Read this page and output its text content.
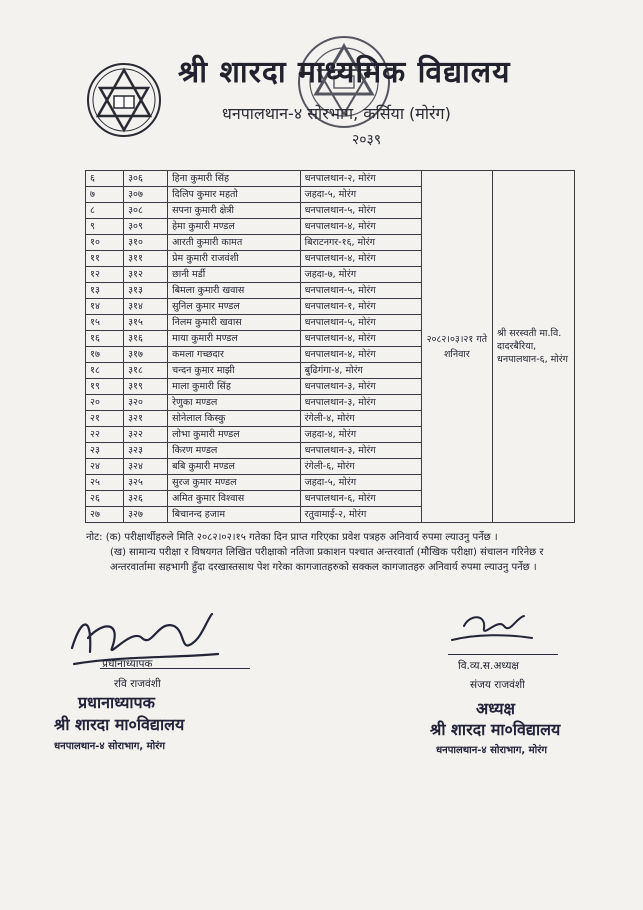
श्री शारदा माध्यमिक विद्यालय
धनपालथान-४ सोरभाग, कर्सिया (मोरंग)
२०३९
६	३०६	हिना कुमारी सिंह	धनपालथान-२, मोरंग	२०८२।०३।२१ गते शनिवार	श्री सरस्वती मा.वि. दादरबैरिया, धनपालथान-६, मोरंग
७	३०७	दिलिप कुमार महतो	जहदा-५, मोरंग		
८	३०८	सपना कुमारी क्षेत्री	धनपालथान-५, मोरंग		
९	३०९	हेमा कुमारी मण्डल	धनपालथान-४, मोरंग		
१०	३१०	आरती कुमारी कामत	बिराटनगर-१६, मोरंग		
११	३११	प्रेम कुमारी राजवंशी	धनपालथान-४, मोरंग		
१२	३१२	छानी मर्डी	जहदा-७, मोरंग		
१३	३१३	बिमला कुमारी खवास	धनपालथान-५, मोरंग		
१४	३१४	सुनिल कुमार मण्डल	धनपालथान-१, मोरंग		
१५	३१५	निलम कुमारी खवास	धनपालथान-५, मोरंग		
१६	३१६	माया कुमारी मण्डल	धनपालथान-४, मोरंग		
१७	३१७	कमला गच्छदार	धनपालथान-४, मोरंग		
१८	३१८	चन्दन कुमार माझी	बुढिगंगा-४, मोरंग		
१९	३१९	माला कुमारी सिंह	धनपालथान-३, मोरंग		
२०	३२०	रेणुका मण्डल	धनपालथान-३, मोरंग		
२१	३२१	सोनेलाल किस्कु	रंगेली-४, मोरंग		
२२	३२२	लोभा कुमारी मण्डल	जहदा-४, मोरंग		
२३	३२३	किरण मण्डल	धनपालथान-३, मोरंग		
२४	३२४	बबि कुमारी मण्डल	रंगेली-६, मोरंग		
२५	३२५	सुरज कुमार मण्डल	जहदा-५, मोरंग		
२६	३२६	अमित कुमार विश्वास	धनपालथान-६, मोरंग		
२७	३२७	बिचानन्द हजाम	रतुवामाई-२, मोरंग		
नोट: (क) परीक्षार्थीहरुले मिति २०८२।०२।१५ गतेका दिन प्राप्त गरिएका प्रवेश पत्रहरु अनिवार्य रुपमा ल्याउनु पर्नेछ ।
(ख) सामान्य परीक्षा र विषयगत लिखित परीक्षाको नतिजा प्रकाशन पश्चात अन्तरवार्ता (मौखिक परीक्षा) संचालन गरिनेछ र अन्तरवार्तामा सहभागी हुँदा दरखास्तसाथ पेश गरेका कागजातहरुको सक्कल कागजातहरु अनिवार्य रुपमा ल्याउनु पर्नेछ ।
प्रधानाध्यापक
रवि राजवंशी
प्रधानाध्यापक
श्री शारदा मा०विद्यालय
धनपालथान-४ सोराभाग, मोरंग
वि.व्य.स.अध्यक्ष
संजय राजवंशी
अध्यक्ष
श्री शारदा मा०विद्यालय
धनपालथान-४ सोराभाग, मोरंग
